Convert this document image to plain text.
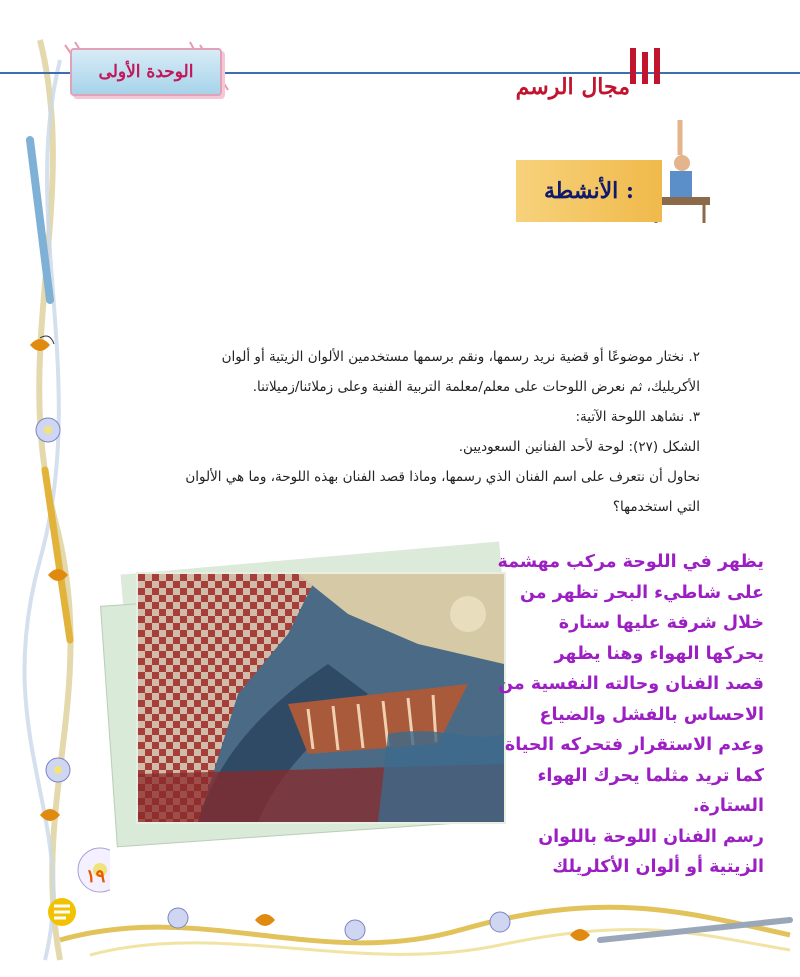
الوحدة الأولى
مجال الرسم
الأنشطة :

٢. نختار موضوعًا أو قضية نريد رسمها، ونقم برسمها مستخدمين الألوان الزيتية أو ألوان

الأكريليك، ثم نعرض اللوحات على معلم/معلمة التربية الفنية وعلى زملائنا/زميلاتنا.

٣. نشاهد اللوحة الآتية:

الشكل (٢٧): لوحة لأحد الفنانين السعوديين.

نحاول أن نتعرف على اسم الفنان الذي رسمها، وماذا قصد الفنان بهذه اللوحة، وما هي الألوان

التي استخدمها؟

يظهر في اللوحة مركب مهشمة

على شاطيء البحر تظهر من

خلال شرفة عليها ستارة

يحركها الهواء وهنا يظهر

قصد الفنان وحالته النفسية من

الاحساس بالفشل والضياع

وعدم الاستقرار فتحركه الحياة

كما تريد مثلما يحرك الهواء

الستارة.

رسم الفنان اللوحة باللوان

الزيتية أو ألوان الأكلريلك

١٩
